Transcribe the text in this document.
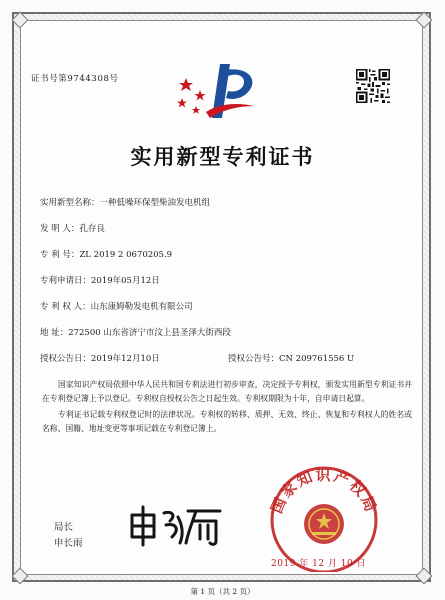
证书号第9744308号
实用新型专利证书
实用新型名称：一种低噪环保型柴油发电机组
发 明 人：孔存良
专 利 号：ZL 2019 2 0670205.9
专利申请日：2019年05月12日
专 利 权 人：山东康姆勒发电机有限公司
地 址：272500 山东省济宁市汶上县圣泽大街西段
授权公告日：2019年12月10日	授权公告号：CN 209761556 U

国家知识产权局依照中华人民共和国专利法进行初步审查，决定授予专利权，颁发实用新型专利证书并在专利登记簿上予以登记。专利权自授权公告之日起生效。专利权期限为十年，自申请日起算。

专利证书记载专利权登记时的法律状况。专利权的转移、质押、无效、终止、恢复和专利权人的姓名或名称、国籍、地址变更等事项记载在专利登记簿上。

局长
申长雨
国家知识产权局
2019 年 12 月 10 日
第 1 页（共 2 页）
